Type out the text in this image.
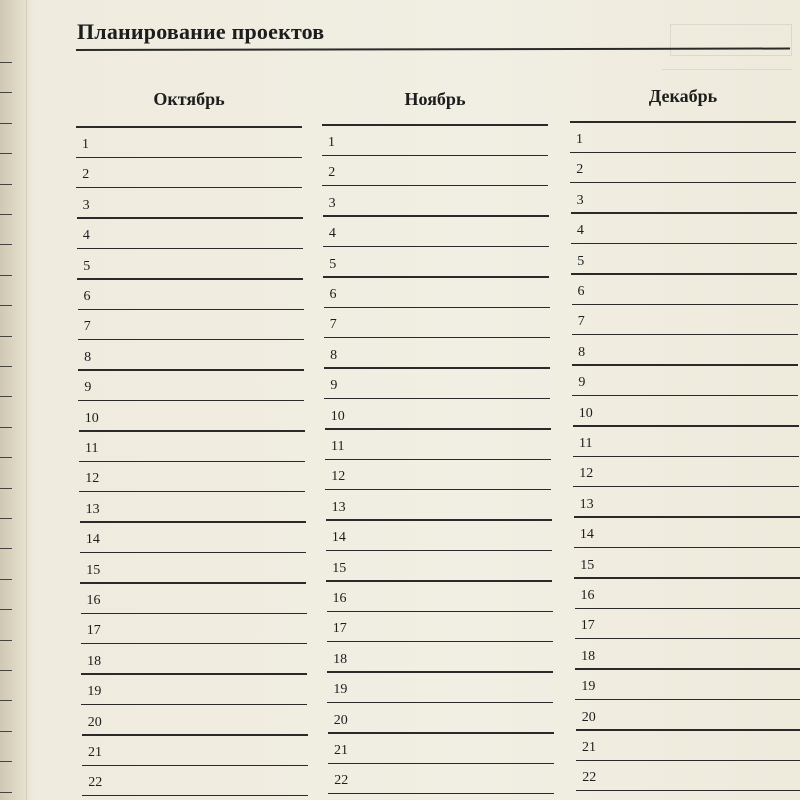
Планирование проектов
Октябрь
1
2
3
4
5
6
7
8
9
10
11
12
13
14
15
16
17
18
19
20
21
22
Ноябрь
1
2
3
4
5
6
7
8
9
10
11
12
13
14
15
16
17
18
19
20
21
22
Декабрь
1
2
3
4
5
6
7
8
9
10
11
12
13
14
15
16
17
18
19
20
21
22
